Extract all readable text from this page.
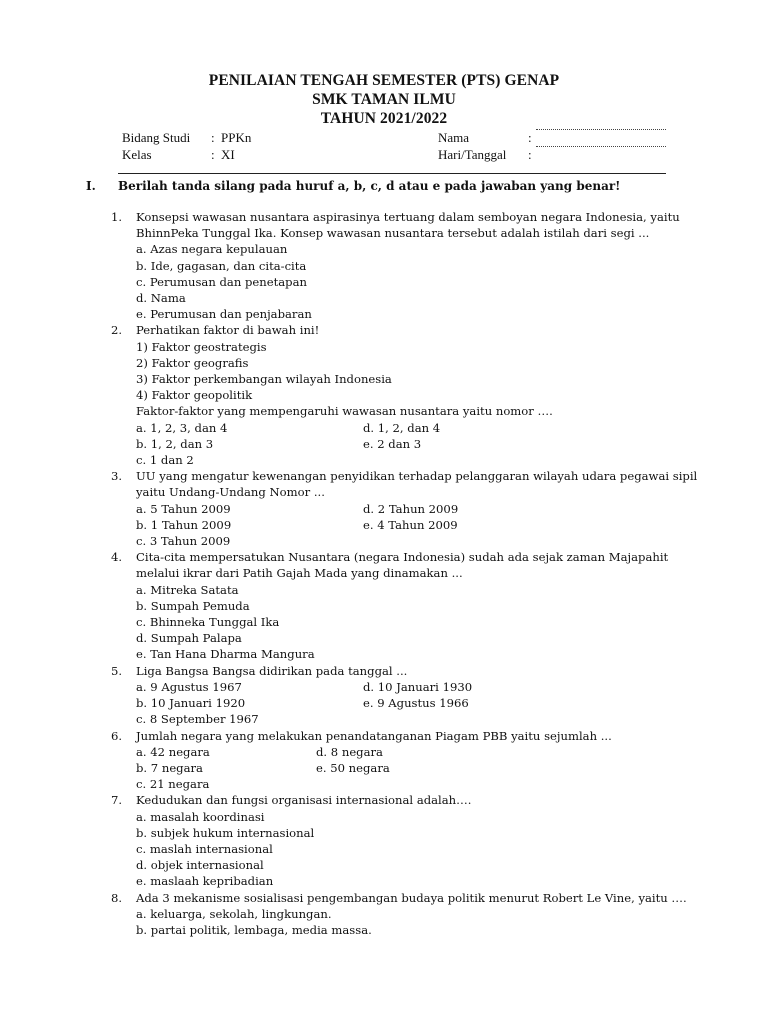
PENILAIAN TENGAH SEMESTER (PTS) GENAP
SMK TAMAN ILMU
TAHUN 2021/2022
Bidang Studi : PPKn	Nama	:
Kelas	: XI	Hari/Tanggal :
I. Berilah tanda silang pada huruf a, b, c, d atau e pada jawaban yang benar!
1. Konsepsi wawasan nusantara aspirasinya tertuang dalam semboyan negara Indonesia, yaitu BhinnPeka Tunggal Ika. Konsep wawasan nusantara tersebut adalah istilah dari segi ...
a. Azas negara kepulauan
b. Ide, gagasan, dan cita-cita
c. Perumusan dan penetapan
d. Nama
e. Perumusan dan penjabaran
2. Perhatikan faktor di bawah ini!
1) Faktor geostrategis
2) Faktor geografis
3) Faktor perkembangan wilayah Indonesia
4) Faktor geopolitik
Faktor-faktor yang mempengaruhi wawasan nusantara yaitu nomor ….
a. 1, 2, 3, dan 4	d. 1, 2, dan 4
b. 1, 2, dan 3	e. 2 dan 3
c. 1 dan 2
3. UU yang mengatur kewenangan penyidikan terhadap pelanggaran wilayah udara pegawai sipil yaitu Undang-Undang Nomor ...
a. 5 Tahun 2009	d. 2 Tahun 2009
b. 1 Tahun 2009	e. 4 Tahun 2009
c. 3 Tahun 2009
4. Cita-cita mempersatukan Nusantara (negara Indonesia) sudah ada sejak zaman Majapahit melalui ikrar dari Patih Gajah Mada yang dinamakan ...
a. Mitreka Satata
b. Sumpah Pemuda
c. Bhinneka Tunggal Ika
d. Sumpah Palapa
e. Tan Hana Dharma Mangura
5. Liga Bangsa Bangsa didirikan pada tanggal ...
a. 9 Agustus 1967	d. 10 Januari 1930
b. 10 Januari 1920	e. 9 Agustus 1966
c. 8 September 1967
6. Jumlah negara yang melakukan penandatanganan Piagam PBB yaitu sejumlah ...
a. 42 negara	d. 8 negara
b. 7 negara	e. 50 negara
c. 21 negara
7. Kedudukan dan fungsi organisasi internasional adalah….
a. masalah koordinasi
b. subjek hukum internasional
c. maslah internasional
d. objek internasional
e. maslaah kepribadian
8. Ada 3 mekanisme sosialisasi pengembangan budaya politik menurut Robert Le Vine, yaitu ….
a. keluarga, sekolah, lingkungan.
b. partai politik, lembaga, media massa.
